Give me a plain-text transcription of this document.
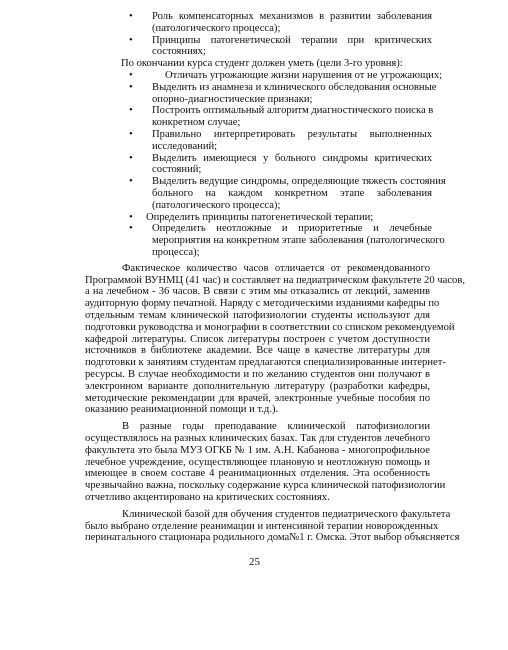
• Роль компенсаторных механизмов в развитии заболевания
(патологического процесса);
• Принципы патогенетической терапии при критических
состояниях;
По окончании курса студент должен уметь (цели 3-го уровня):
•	Отличать угрожающие жизни нарушения от не угрожающих;
• Выделить из анамнеза и клинического обследования основные
опорно-диагностические признаки;
• Построить оптимальный алгоритм диагностического поиска в
конкретном случае;
• Правильно интерпретировать результаты выполненных
исследований;
• Выделить имеющиеся у больного синдромы критических
состояний;
• Выделить ведущие синдромы, определяющие тяжесть состояния
больного на каждом конкретном этапе заболевания
(патологического процесса);
• Определить принципы патогенетической терапии;
• Определить неотложные и приоритетные и лечебные
мероприятия на конкретном этапе заболевания (патологического
процесса);
Фактическое количество часов отличается от рекомендованного
Программой ВУНМЦ (41 час) и составляет на педиатрическом факультете 20 часов,
а на лечебном - 36 часов. В связи с этим мы отказались от лекций, заменив
аудиторную форму печатной. Наряду с методическими изданиями кафедры по
отдельным темам клинической патофизиологии студенты используют для
подготовки руководства и монографии в соответствии со списком рекомендуемой
кафедрой литературы. Список литературы построен с учетом доступности
источников в библиотеке академии. Все чаще в качестве литературы для
подготовки к занятиям студентам предлагаются специализированные интернет-
ресурсы. В случае необходимости и по желанию студентов они получают в
электронном варианте дополнительную литературу (разработки кафедры,
методические рекомендации для врачей, электронные учебные пособия по
оказанию реанимационной помощи и т.д.).
В разные годы преподавание клинической патофизиологии
осуществлялось на разных клинических базах. Так для студентов лечебного
факультета это была МУЗ ОГКБ № 1 им. А.Н. Кабанова - многопрофильное
лечебное учреждение, осуществляющее плановую и неотложную помощь и
имеющее в своем составе 4 реанимационных отделения. Эта особенность
чрезвычайно важна, поскольку содержание курса клинической патофизиологии
отчетливо акцентировано на критических состояниях.
Клинической базой для обучения студентов педиатрического факультета
было выбрано отделение реанимации и интенсивной терапии новорожденных
перинатального стационара родильного дома№1 г. Омска. Этот выбор объясняется
25
